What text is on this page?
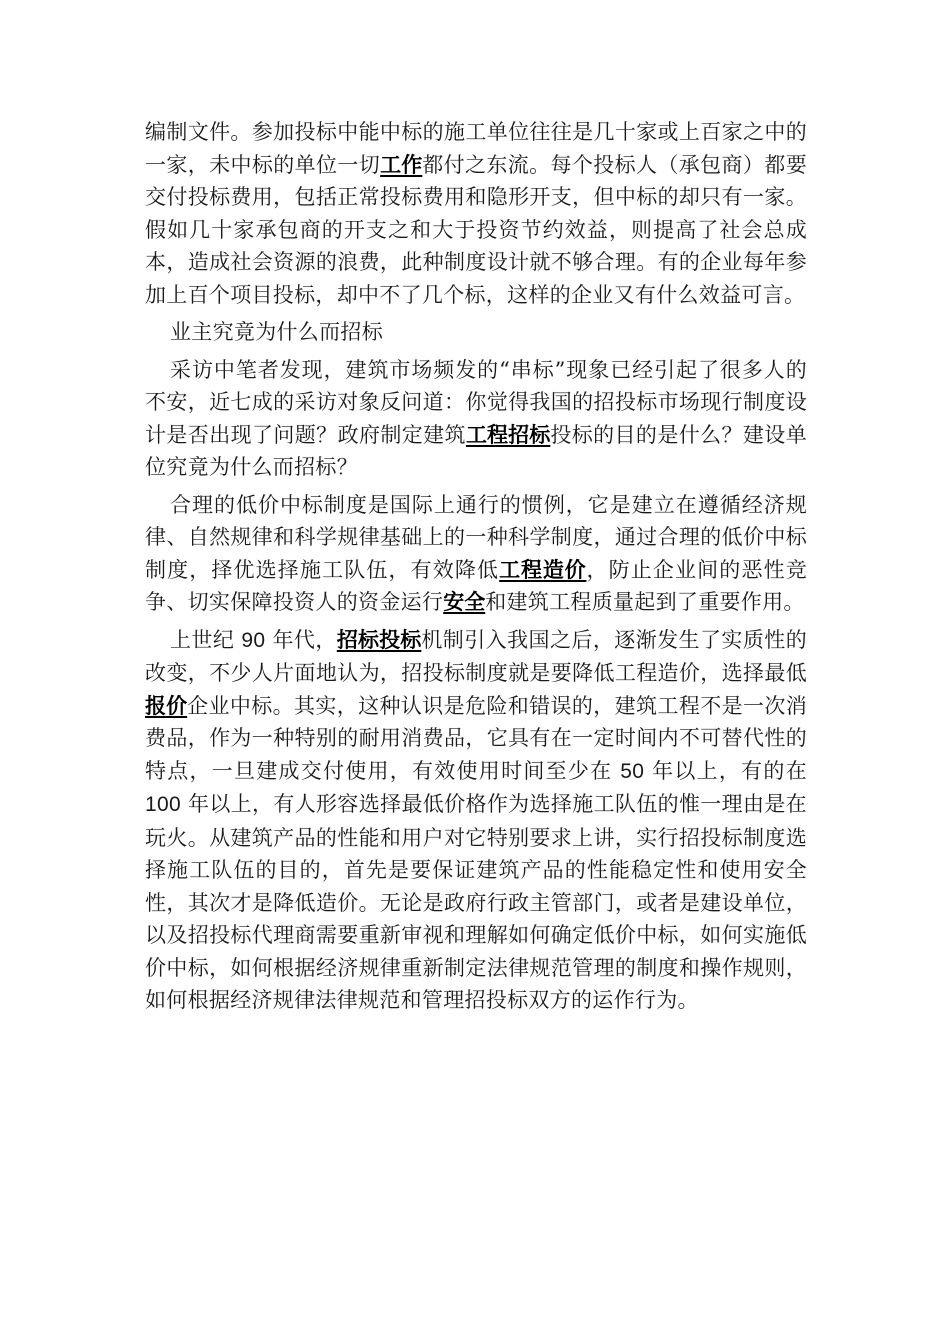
编制文件。参加投标中能中标的施工单位往往是几十家或上百家之中的一家，未中标的单位一切工作都付之东流。每个投标人（承包商）都要交付投标费用，包括正常投标费用和隐形开支，但中标的却只有一家。假如几十家承包商的开支之和大于投资节约效益，则提高了社会总成本，造成社会资源的浪费，此种制度设计就不够合理。有的企业每年参加上百个项目投标，却中不了几个标，这样的企业又有什么效益可言。

业主究竟为什么而招标

采访中笔者发现，建筑市场频发的“串标”现象已经引起了很多人的不安，近七成的采访对象反问道：你觉得我国的招投标市场现行制度设计是否出现了问题？政府制定建筑工程招标投标的目的是什么？建设单位究竟为什么而招标？

合理的低价中标制度是国际上通行的惯例，它是建立在遵循经济规律、自然规律和科学规律基础上的一种科学制度，通过合理的低价中标制度，择优选择施工队伍，有效降低工程造价，防止企业间的恶性竞争、切实保障投资人的资金运行安全和建筑工程质量起到了重要作用。

上世纪 90 年代，招标投标机制引入我国之后，逐渐发生了实质性的改变，不少人片面地认为，招投标制度就是要降低工程造价，选择最低报价企业中标。其实，这种认识是危险和错误的，建筑工程不是一次消费品，作为一种特别的耐用消费品，它具有在一定时间内不可替代性的特点，一旦建成交付使用，有效使用时间至少在 50 年以上，有的在 100 年以上，有人形容选择最低价格作为选择施工队伍的惟一理由是在玩火。从建筑产品的性能和用户对它特别要求上讲，实行招投标制度选择施工队伍的目的，首先是要保证建筑产品的性能稳定性和使用安全性，其次才是降低造价。无论是政府行政主管部门，或者是建设单位，以及招投标代理商需要重新审视和理解如何确定低价中标，如何实施低价中标，如何根据经济规律重新制定法律规范管理的制度和操作规则，如何根据经济规律法律规范和管理招投标双方的运作行为。
